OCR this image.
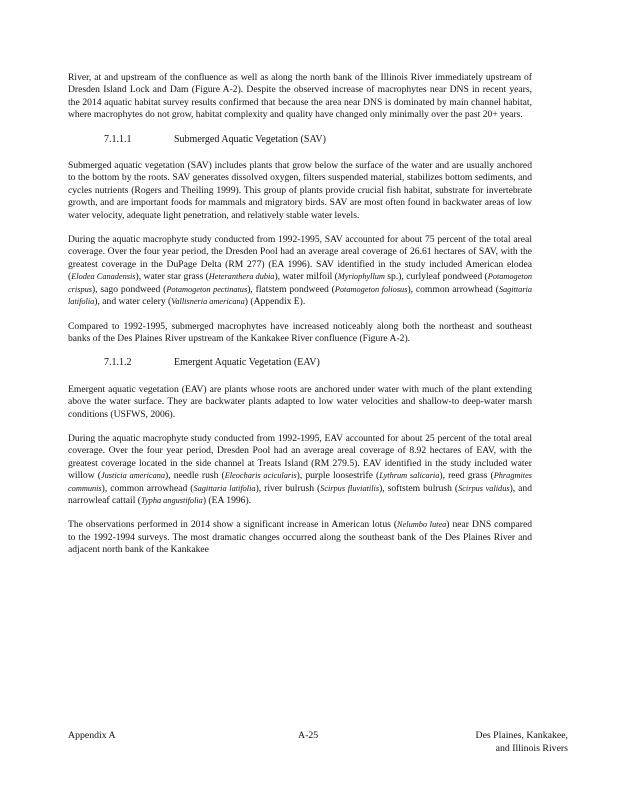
River, at and upstream of the confluence as well as along the north bank of the Illinois River immediately upstream of Dresden Island Lock and Dam (Figure A-2). Despite the observed increase of macrophytes near DNS in recent years, the 2014 aquatic habitat survey results confirmed that because the area near DNS is dominated by main channel habitat, where macrophytes do not grow, habitat complexity and quality have changed only minimally over the past 20+ years.

7.1.1.1	Submerged Aquatic Vegetation (SAV)

Submerged aquatic vegetation (SAV) includes plants that grow below the surface of the water and are usually anchored to the bottom by the roots. SAV generates dissolved oxygen, filters suspended material, stabilizes bottom sediments, and cycles nutrients (Rogers and Theiling 1999). This group of plants provide crucial fish habitat, substrate for invertebrate growth, and are important foods for mammals and migratory birds. SAV are most often found in backwater areas of low water velocity, adequate light penetration, and relatively stable water levels.

During the aquatic macrophyte study conducted from 1992-1995, SAV accounted for about 75 percent of the total areal coverage. Over the four year period, the Dresden Pool had an average areal coverage of 26.61 hectares of SAV, with the greatest coverage in the DuPage Delta (RM 277) (EA 1996). SAV identified in the study included American elodea (Elodea Canadensis), water star grass (Heteranthera dubia), water milfoil (Myriophyllum sp.), curlyleaf pondweed (Potamogeton crispus), sago pondweed (Potamogeton pectinatus), flatstem pondweed (Potamogeton foliosus), common arrowhead (Sagittaria latifolia), and water celery (Vallisneria americana) (Appendix E).

Compared to 1992-1995, submerged macrophytes have increased noticeably along both the northeast and southeast banks of the Des Plaines River upstream of the Kankakee River confluence (Figure A-2).

7.1.1.2	Emergent Aquatic Vegetation (EAV)

Emergent aquatic vegetation (EAV) are plants whose roots are anchored under water with much of the plant extending above the water surface. They are backwater plants adapted to low water velocities and shallow-to deep-water marsh conditions (USFWS, 2006).

During the aquatic macrophyte study conducted from 1992-1995, EAV accounted for about 25 percent of the total areal coverage. Over the four year period, Dresden Pool had an average areal coverage of 8.92 hectares of EAV, with the greatest coverage located in the side channel at Treats Island (RM 279.5). EAV identified in the study included water willow (Justicia americana), needle rush (Eleocharis acicularis), purple loosestrife (Lythrum salicaria), reed grass (Phragmites communis), common arrowhead (Sagittaria latifolia), river bulrush (Scirpus fluviatilis), softstem bulrush (Scirpus validus), and narrowleaf cattail (Typha angustifolia) (EA 1996).

The observations performed in 2014 show a significant increase in American lotus (Nelumbo lutea) near DNS compared to the 1992-1994 surveys. The most dramatic changes occurred along the southeast bank of the Des Plaines River and adjacent north bank of the Kankakee

Appendix A	A-25	Des Plaines, Kankakee,
and Illinois Rivers
